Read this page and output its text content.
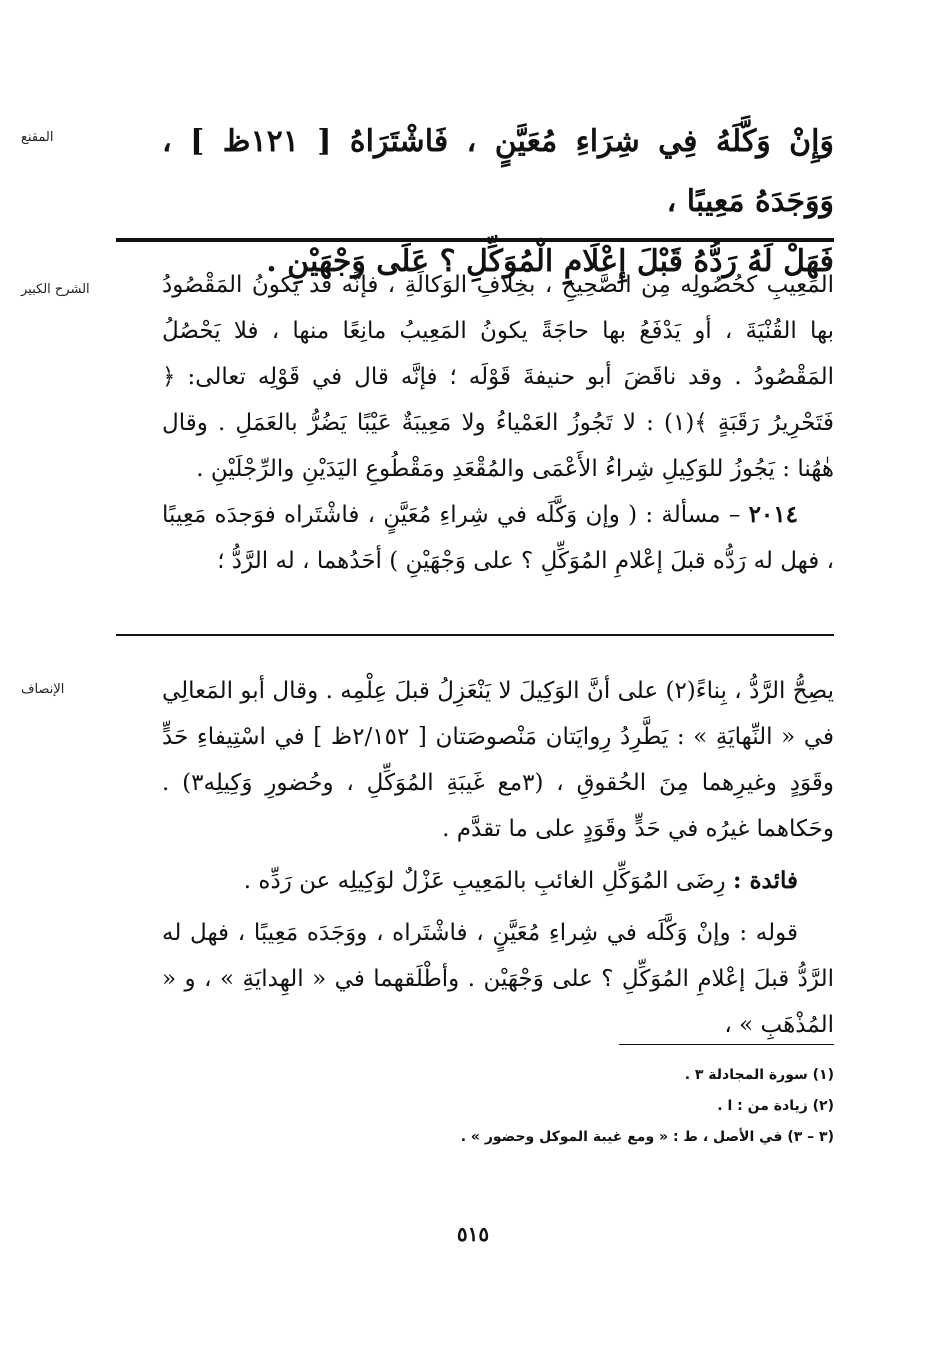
المقنع	وَإِنْ وَكَّلَهُ فِي شِرَاءِ مُعَيَّنٍ ، فَاشْتَرَاهُ [ ١٢١ظ ] ، وَوَجَدَهُ مَعِيبًا ،

فَهَلْ لَهُ رَدُّهُ قَبْلَ إِعْلَامِ الْمُوَكِّلِ ؟ عَلَى وَجْهَيْنِ .

الشرح الكبير	المَعِيبِ كحُصُولِه مِن الصَّحِيحِ ، بخِلافِ الوَكالَةِ ، فإنَّه قد يكونُ المَقْصُودُ بها القُنْيَةَ ، أو يَدْفَعُ بها حاجَةً يكونُ المَعِيبُ مانِعًا منها ، فلا يَحْصُلُ المَقْصُودُ . وقد ناقَضَ أبو حنيفةَ قَوْلَه ؛ فإنَّه قال في قَوْلِه تعالى: ﴿ فَتَحْرِيرُ رَقَبَةٍ ﴾(١) : لا تَجُوزُ العَمْياءُ ولا مَعِيبَةٌ عَيْبًا يَضُرُّ بالعَمَلِ . وقال هٰهُنا : يَجُوزُ للوَكِيلِ شِراءُ الأَعْمَى والمُقْعَدِ ومَقْطُوعِ اليَدَيْنِ والرِّجْلَيْنِ .

٢٠١٤ – مسألة : ( وإن وَكَّلَه في شِراءِ مُعَيَّنٍ ، فاشْتَراه فوَجدَه مَعِيبًا ، فهل له رَدُّه قبلَ إعْلامِ المُوَكِّلِ ؟ على وَجْهَيْنِ ) أحَدُهما ، له الرَّدُّ ؛

الإنصاف	يصِحُّ الرَّدُّ ، بِناءً(٢) على أنَّ الوَكِيلَ لا يَنْعَزِلُ قبلَ عِلْمِه . وقال أبو المَعالِي في « النِّهايَةِ » : يَطَّرِدُ رِوايَتان مَنْصوصَتان [ ٢/١٥٢ظ ] في اسْتِيفاءِ حَدٍّ وقَوَدٍ وغيرِهما مِنَ الحُقوقِ ، (٣مع غَيبَةِ المُوَكِّلِ ، وحُضورِ وَكِيلِه٣) . وحَكاهما غيرُه في حَدٍّ وقَوَدٍ على ما تقدَّم .

فائدة : رِضَى المُوَكِّلِ الغائبِ بالمَعِيبِ عَزْلٌ لوَكِيلِه عن رَدِّه .

قوله : وإنْ وَكَّلَه في شِراءِ مُعَيَّنٍ ، فاشْتَراه ، ووَجَدَه مَعِيبًا ، فهل له الرَّدُّ قبلَ إعْلامِ المُوَكِّلِ ؟ على وَجْهَيْن . وأطْلَقهما في « الهِدايَةِ » ، و « المُذْهَبِ » ،

(١) سورة المجادلة ٣ .
(٢) زيادة من : ا .
(٣ – ٣) في الأصل ، ط : « ومع غيبة الموكل وحضور » .
٥١٥
